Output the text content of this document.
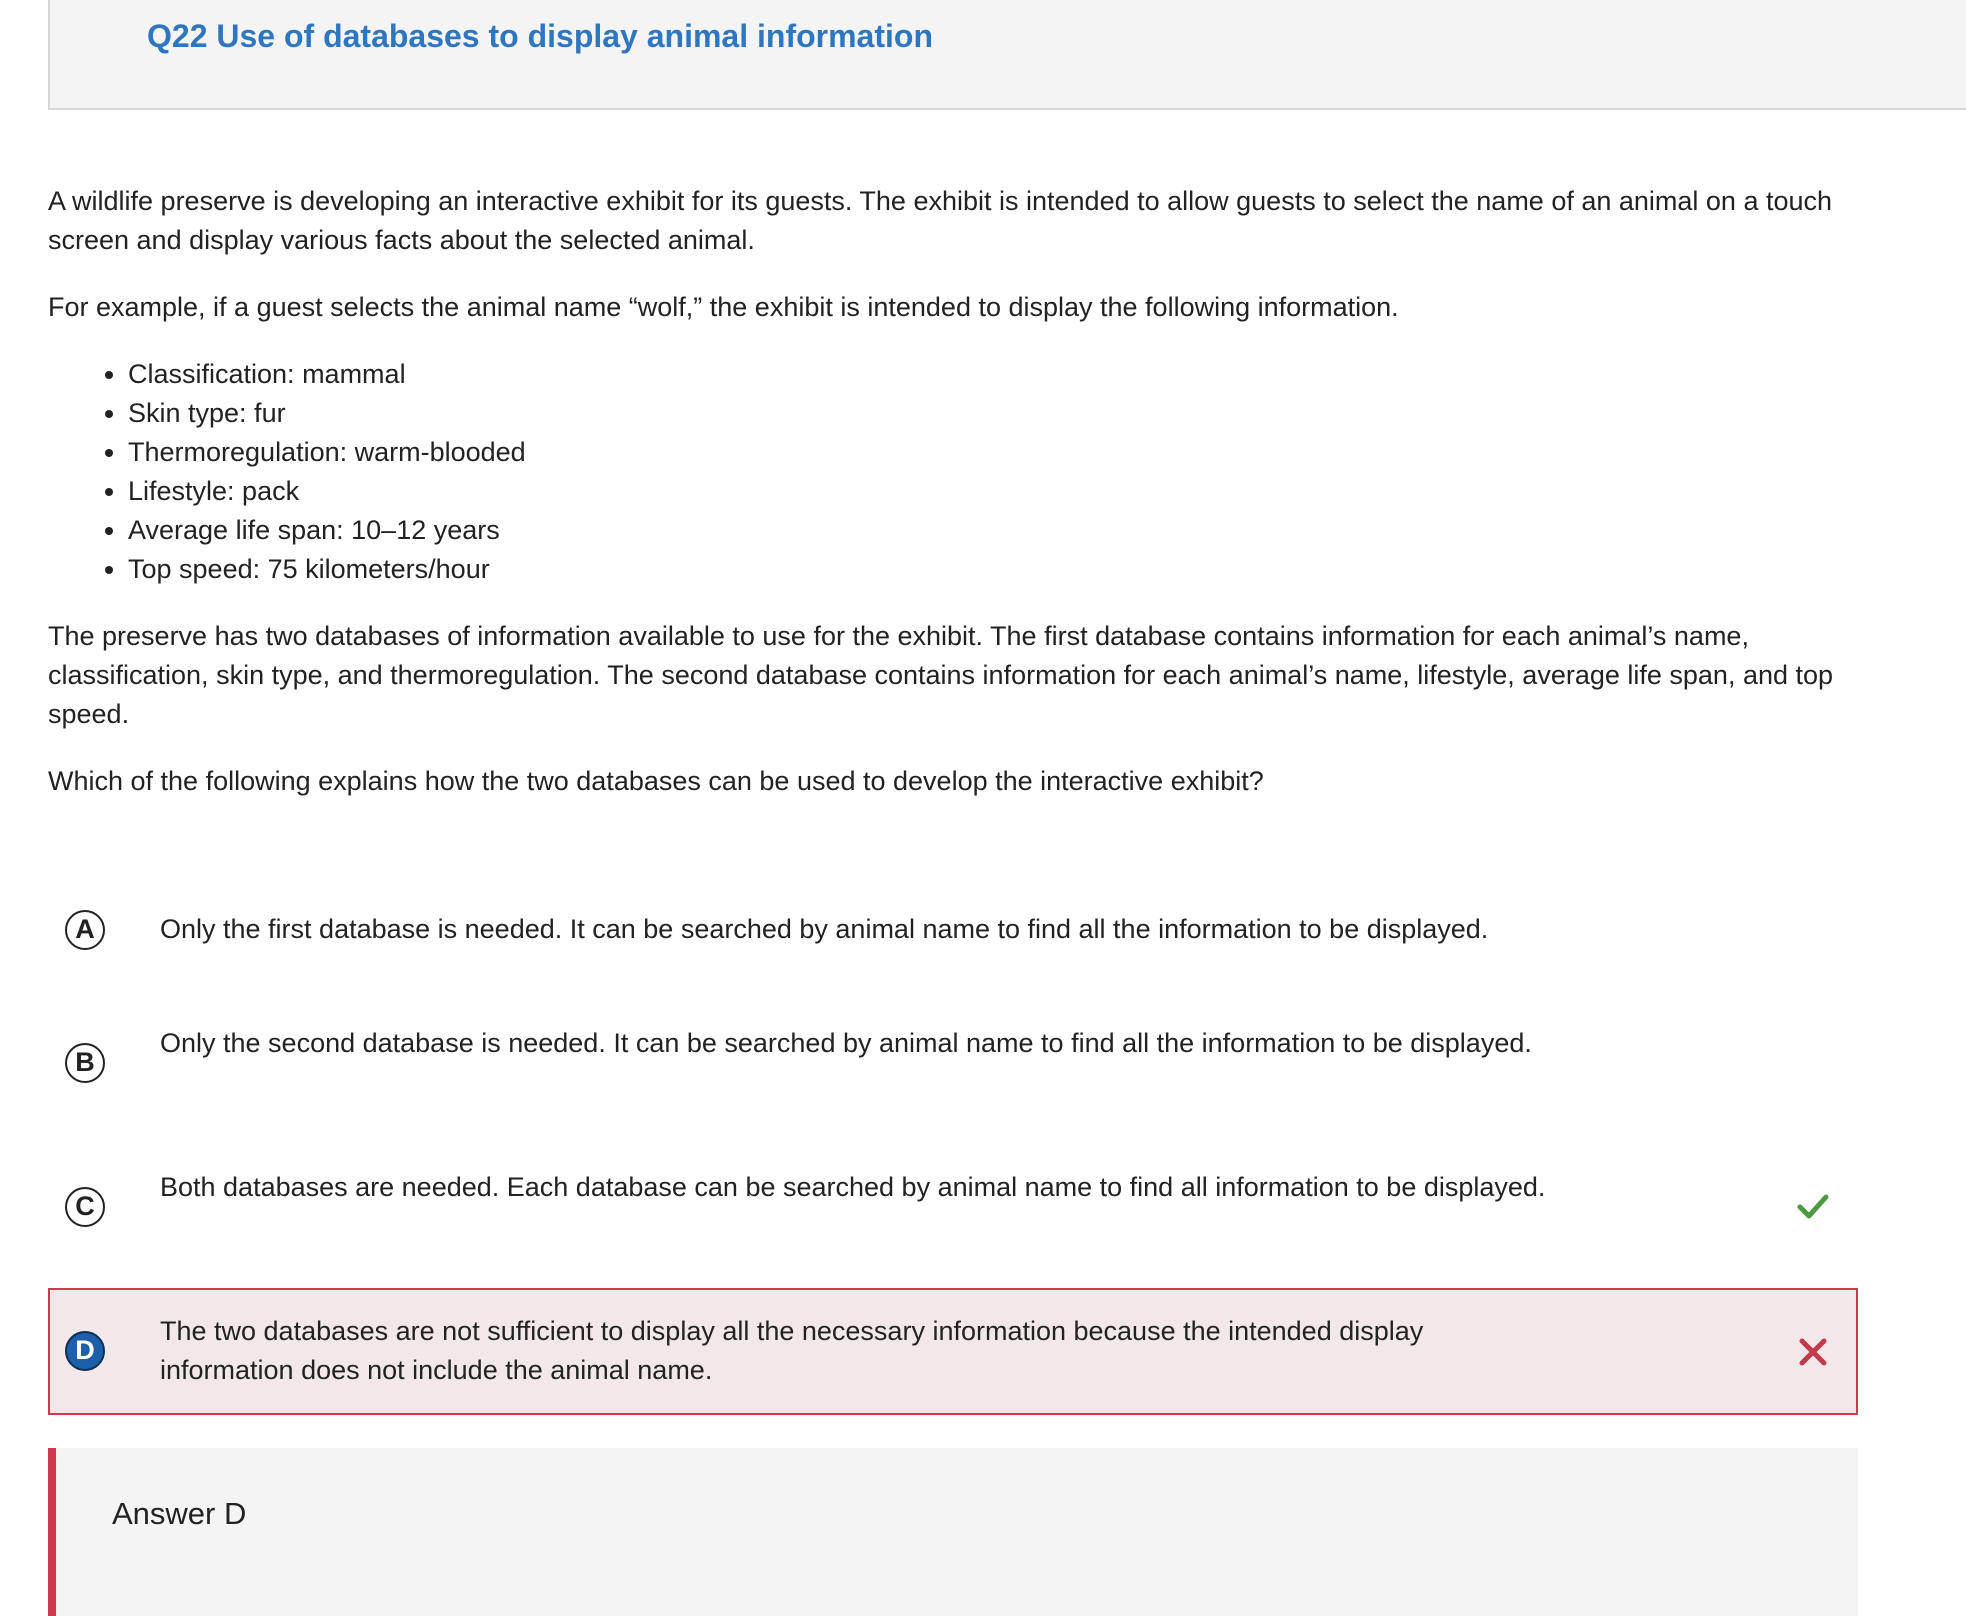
Q22 Use of databases to display animal information

A wildlife preserve is developing an interactive exhibit for its guests. The exhibit is intended to allow guests to select the name of an animal on a touch screen and display various facts about the selected animal.

For example, if a guest selects the animal name “wolf,” the exhibit is intended to display the following information.

• Classification: mammal
• Skin type: fur
• Thermoregulation: warm-blooded
• Lifestyle: pack
• Average life span: 10–12 years
• Top speed: 75 kilometers/hour

The preserve has two databases of information available to use for the exhibit. The first database contains information for each animal’s name, classification, skin type, and thermoregulation. The second database contains information for each animal’s name, lifestyle, average life span, and top speed.

Which of the following explains how the two databases can be used to develop the interactive exhibit?

A	Only the first database is needed. It can be searched by animal name to find all the information to be displayed.
B
Only the second database is needed. It can be searched by animal name to find all the information to be displayed.
C
Both databases are needed. Each database can be searched by animal name to find all information to be displayed.
D
The two databases are not sufficient to display all the necessary information because the intended display information does not include the animal name.
Answer D
